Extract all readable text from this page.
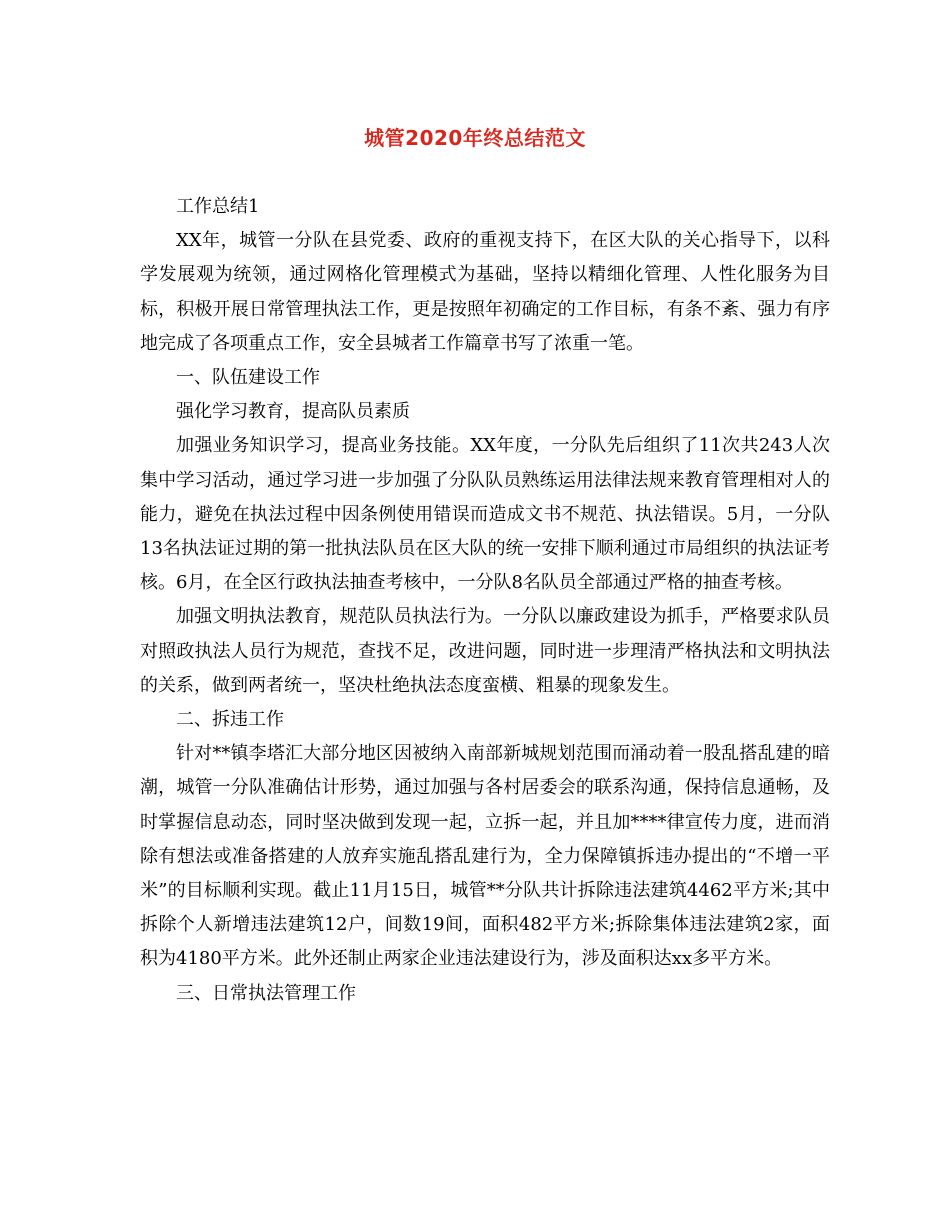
城管2020年终总结范文

工作总结1

XX年，城管一分队在县党委、政府的重视支持下，在区大队的关心指导下，以科学发展观为统领，通过网格化管理模式为基础，坚持以精细化管理、人性化服务为目标，积极开展日常管理执法工作，更是按照年初确定的工作目标，有条不紊、强力有序地完成了各项重点工作，安全县城者工作篇章书写了浓重一笔。

一、队伍建设工作

强化学习教育，提高队员素质

加强业务知识学习，提高业务技能。XX年度，一分队先后组织了11次共243人次集中学习活动，通过学习进一步加强了分队队员熟练运用法律法规来教育管理相对人的能力，避免在执法过程中因条例使用错误而造成文书不规范、执法错误。5月，一分队13名执法证过期的第一批执法队员在区大队的统一安排下顺利通过市局组织的执法证考核。6月，在全区行政执法抽查考核中，一分队8名队员全部通过严格的抽查考核。

加强文明执法教育，规范队员执法行为。一分队以廉政建设为抓手，严格要求队员对照政执法人员行为规范，查找不足，改进问题，同时进一步理清严格执法和文明执法的关系，做到两者统一，坚决杜绝执法态度蛮横、粗暴的现象发生。

二、拆违工作

针对**镇李塔汇大部分地区因被纳入南部新城规划范围而涌动着一股乱搭乱建的暗潮，城管一分队准确估计形势，通过加强与各村居委会的联系沟通，保持信息通畅，及时掌握信息动态，同时坚决做到发现一起，立拆一起，并且加****律宣传力度，进而消除有想法或准备搭建的人放弃实施乱搭乱建行为，全力保障镇拆违办提出的“不增一平米”的目标顺利实现。截止11月15日，城管**分队共计拆除违法建筑4462平方米;其中拆除个人新增违法建筑12户，间数19间，面积482平方米;拆除集体违法建筑2家，面积为4180平方米。此外还制止两家企业违法建设行为，涉及面积达xx多平方米。

三、日常执法管理工作
